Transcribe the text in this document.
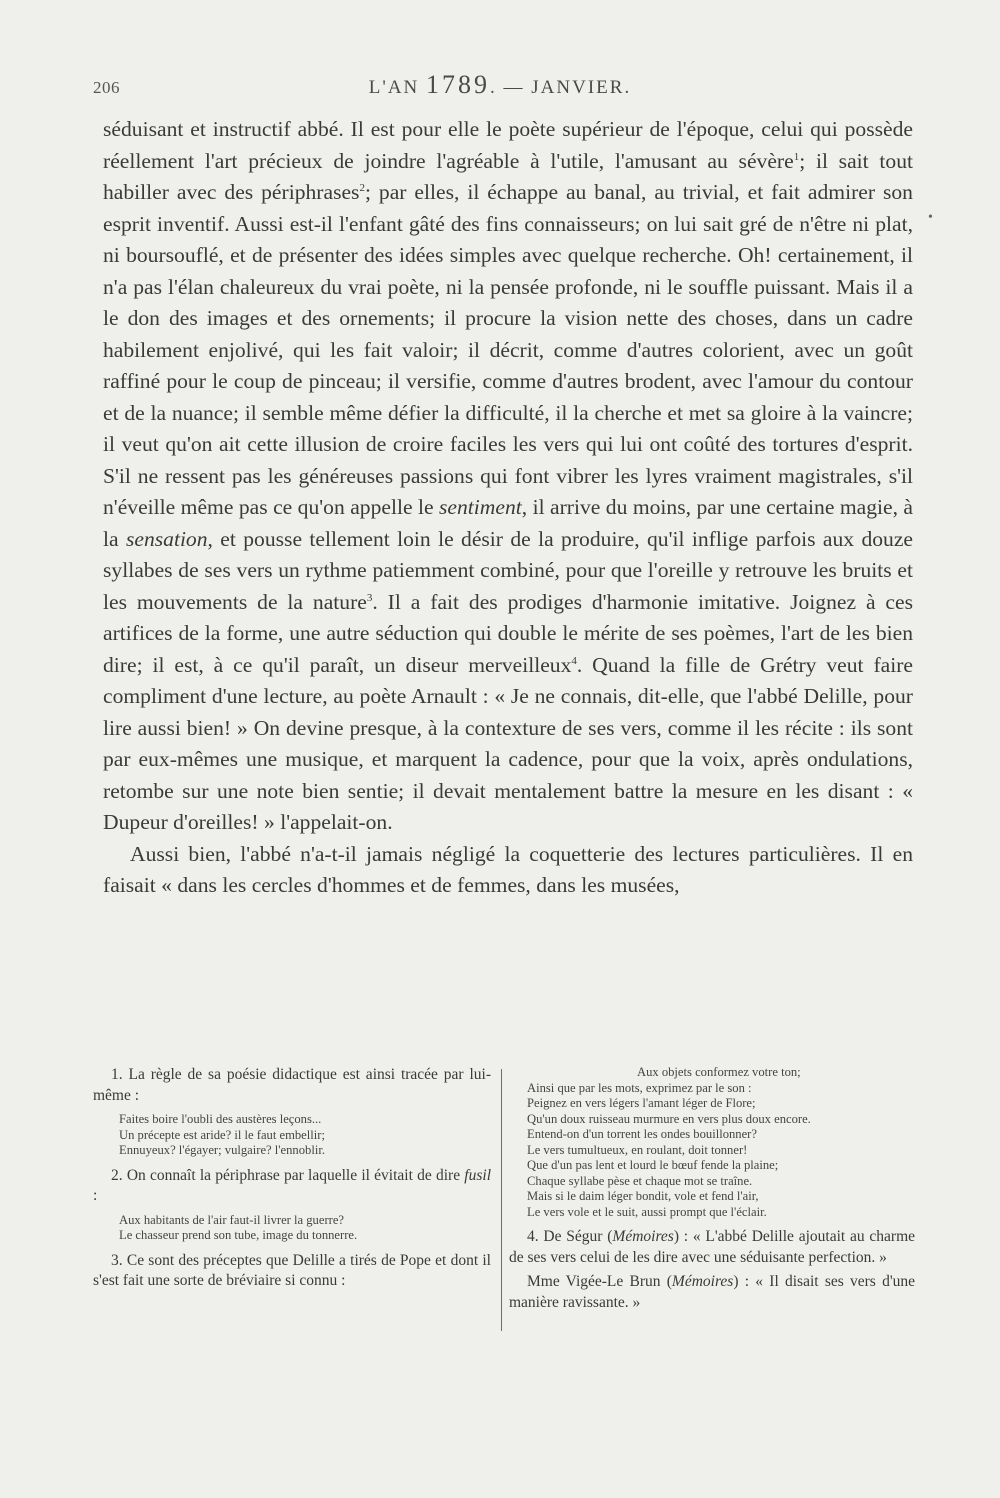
206	L'AN 1789. — JANVIER.
•

séduisant et instructif abbé. Il est pour elle le poète supérieur de l'époque, celui qui possède réellement l'art précieux de joindre l'agréable à l'utile, l'amusant au sévère$^1$; il sait tout habiller avec des périphrases$^2$; par elles, il échappe au banal, au trivial, et fait admirer son esprit inventif. Aussi est-il l'enfant gâté des fins connaisseurs; on lui sait gré de n'être ni plat, ni boursouflé, et de présenter des idées simples avec quelque recherche. Oh! certainement, il n'a pas l'élan chaleureux du vrai poète, ni la pensée profonde, ni le souffle puissant. Mais il a le don des images et des ornements; il procure la vision nette des choses, dans un cadre habilement enjolivé, qui les fait valoir; il décrit, comme d'autres colorient, avec un goût raffiné pour le coup de pinceau; il versifie, comme d'autres brodent, avec l'amour du contour et de la nuance; il semble même défier la difficulté, il la cherche et met sa gloire à la vaincre; il veut qu'on ait cette illusion de croire faciles les vers qui lui ont coûté des tortures d'esprit. S'il ne ressent pas les généreuses passions qui font vibrer les lyres vraiment magistrales, s'il n'éveille même pas ce qu'on appelle le sentiment, il arrive du moins, par une certaine magie, à la sensation, et pousse tellement loin le désir de la produire, qu'il inflige parfois aux douze syllabes de ses vers un rythme patiemment combiné, pour que l'oreille y retrouve les bruits et les mouvements de la nature$^3$. Il a fait des prodiges d'harmonie imitative. Joignez à ces artifices de la forme, une autre séduction qui double le mérite de ses poèmes, l'art de les bien dire; il est, à ce qu'il paraît, un diseur merveilleux$^4$. Quand la fille de Grétry veut faire compliment d'une lecture, au poète Arnault : « Je ne connais, dit-elle, que l'abbé Delille, pour lire aussi bien! » On devine presque, à la contexture de ses vers, comme il les récite : ils sont par eux-mêmes une musique, et marquent la cadence, pour que la voix, après ondulations, retombe sur une note bien sentie; il devait mentalement battre la mesure en les disant : « Dupeur d'oreilles! » l'appelait-on.

Aussi bien, l'abbé n'a-t-il jamais négligé la coquetterie des lectures particulières. Il en faisait « dans les cercles d'hommes et de femmes, dans les musées,

1. La règle de sa poésie didactique est ainsi tracée par lui-même :

Faites boire l'oubli des austères leçons...
Un précepte est aride? il le faut embellir;
Ennuyeux? l'égayer; vulgaire? l'ennoblir.

2. On connaît la périphrase par laquelle il évitait de dire fusil :

Aux habitants de l'air faut-il livrer la guerre?
Le chasseur prend son tube, image du tonnerre.

3. Ce sont des préceptes que Delille a tirés de Pope et dont il s'est fait une sorte de bréviaire si connu :

Aux objets conformez votre ton;
Ainsi que par les mots, exprimez par le son :
Peignez en vers légers l'amant léger de Flore;
Qu'un doux ruisseau murmure en vers plus doux encore.
Entend-on d'un torrent les ondes bouillonner?
Le vers tumultueux, en roulant, doit tonner!
Que d'un pas lent et lourd le bœuf fende la plaine;
Chaque syllabe pèse et chaque mot se traîne.
Mais si le daim léger bondit, vole et fend l'air,
Le vers vole et le suit, aussi prompt que l'éclair.

4. De Ségur (Mémoires) : « L'abbé Delille ajoutait au charme de ses vers celui de les dire avec une séduisante perfection. »

Mme Vigée-Le Brun (Mémoires) : « Il disait ses vers d'une manière ravissante. »
